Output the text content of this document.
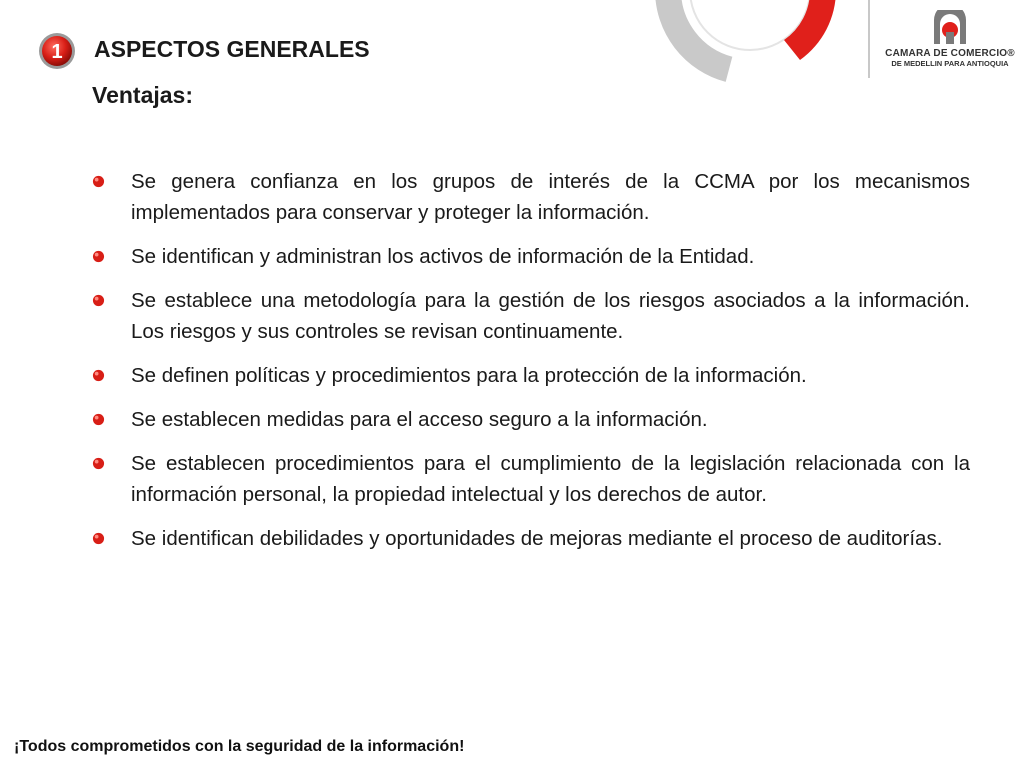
CAMARA DE COMERCIO®
DE MEDELLIN PARA ANTIOQUIA
1 ASPECTOS GENERALES
Ventajas:
Se genera confianza en los grupos de interés de la CCMA por los mecanismos implementados para conservar y proteger la información.
Se identifican y administran los activos de información de la Entidad.
Se establece una metodología para la gestión de los riesgos asociados a la información. Los riesgos y sus controles se revisan continuamente.
Se definen políticas y procedimientos para la protección de la información.
Se establecen medidas para el acceso seguro a la información.
Se establecen procedimientos para el cumplimiento de la legislación relacionada con la información personal, la propiedad intelectual y los derechos de autor.
Se identifican debilidades y oportunidades de mejoras mediante el proceso de auditorías.
¡Todos comprometidos con la seguridad de la información!
